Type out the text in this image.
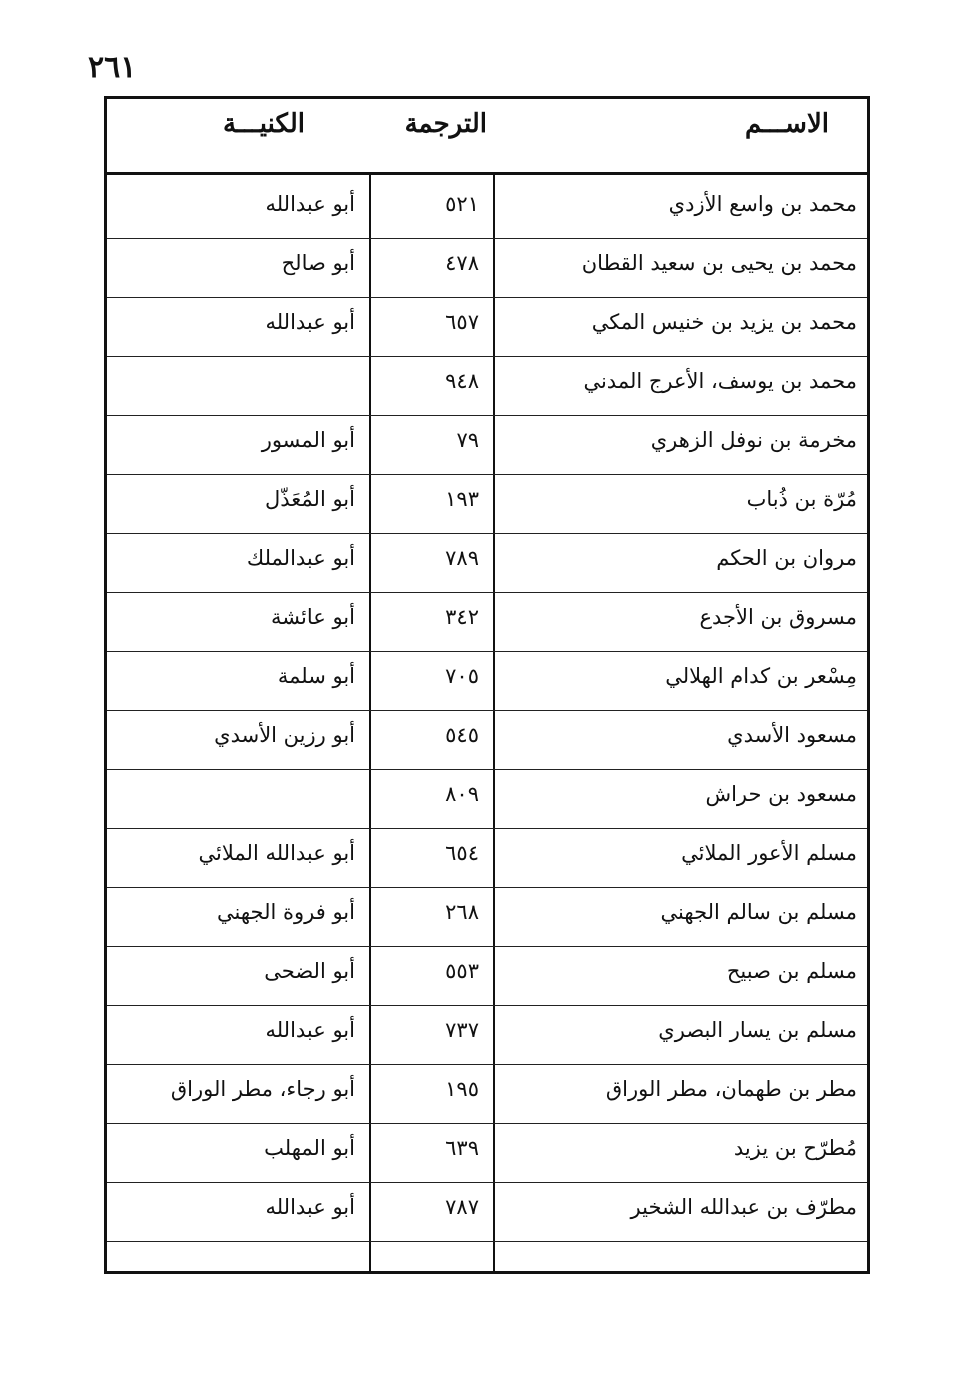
٢٦١
الاســـم
الترجمة
الكنيـــة
محمد بن واسع الأزدي
٥٢١
أبو عبدالله
محمد بن يحيى بن سعيد القطان
٤٧٨
أبو صالح
محمد بن يزيد بن خنيس المكي
٦٥٧
أبو عبدالله
محمد بن يوسف، الأعرج المدني
٩٤٨
مخرمة بن نوفل الزهري
٧٩
أبو المسور
مُرّة بن ذُباب
١٩٣
أبو المُعَذّل
مروان بن الحكم
٧٨٩
أبو عبدالملك
مسروق بن الأجدع
٣٤٢
أبو عائشة
مِسْعر بن كدام الهلالي
٧٠٥
أبو سلمة
مسعود الأسدي
٥٤٥
أبو رزين الأسدي
مسعود بن حراش
٨٠٩
مسلم الأعور الملائي
٦٥٤
أبو عبدالله الملائي
مسلم بن سالم الجهني
٢٦٨
أبو فروة الجهني
مسلم بن صبيح
٥٥٣
أبو الضحى
مسلم بن يسار البصري
٧٣٧
أبو عبدالله
مطر بن طهمان، مطر الوراق
١٩٥
أبو رجاء، مطر الوراق
مُطرّح بن يزيد
٦٣٩
أبو المهلب
مطرّف بن عبدالله الشخير
٧٨٧
أبو عبدالله
